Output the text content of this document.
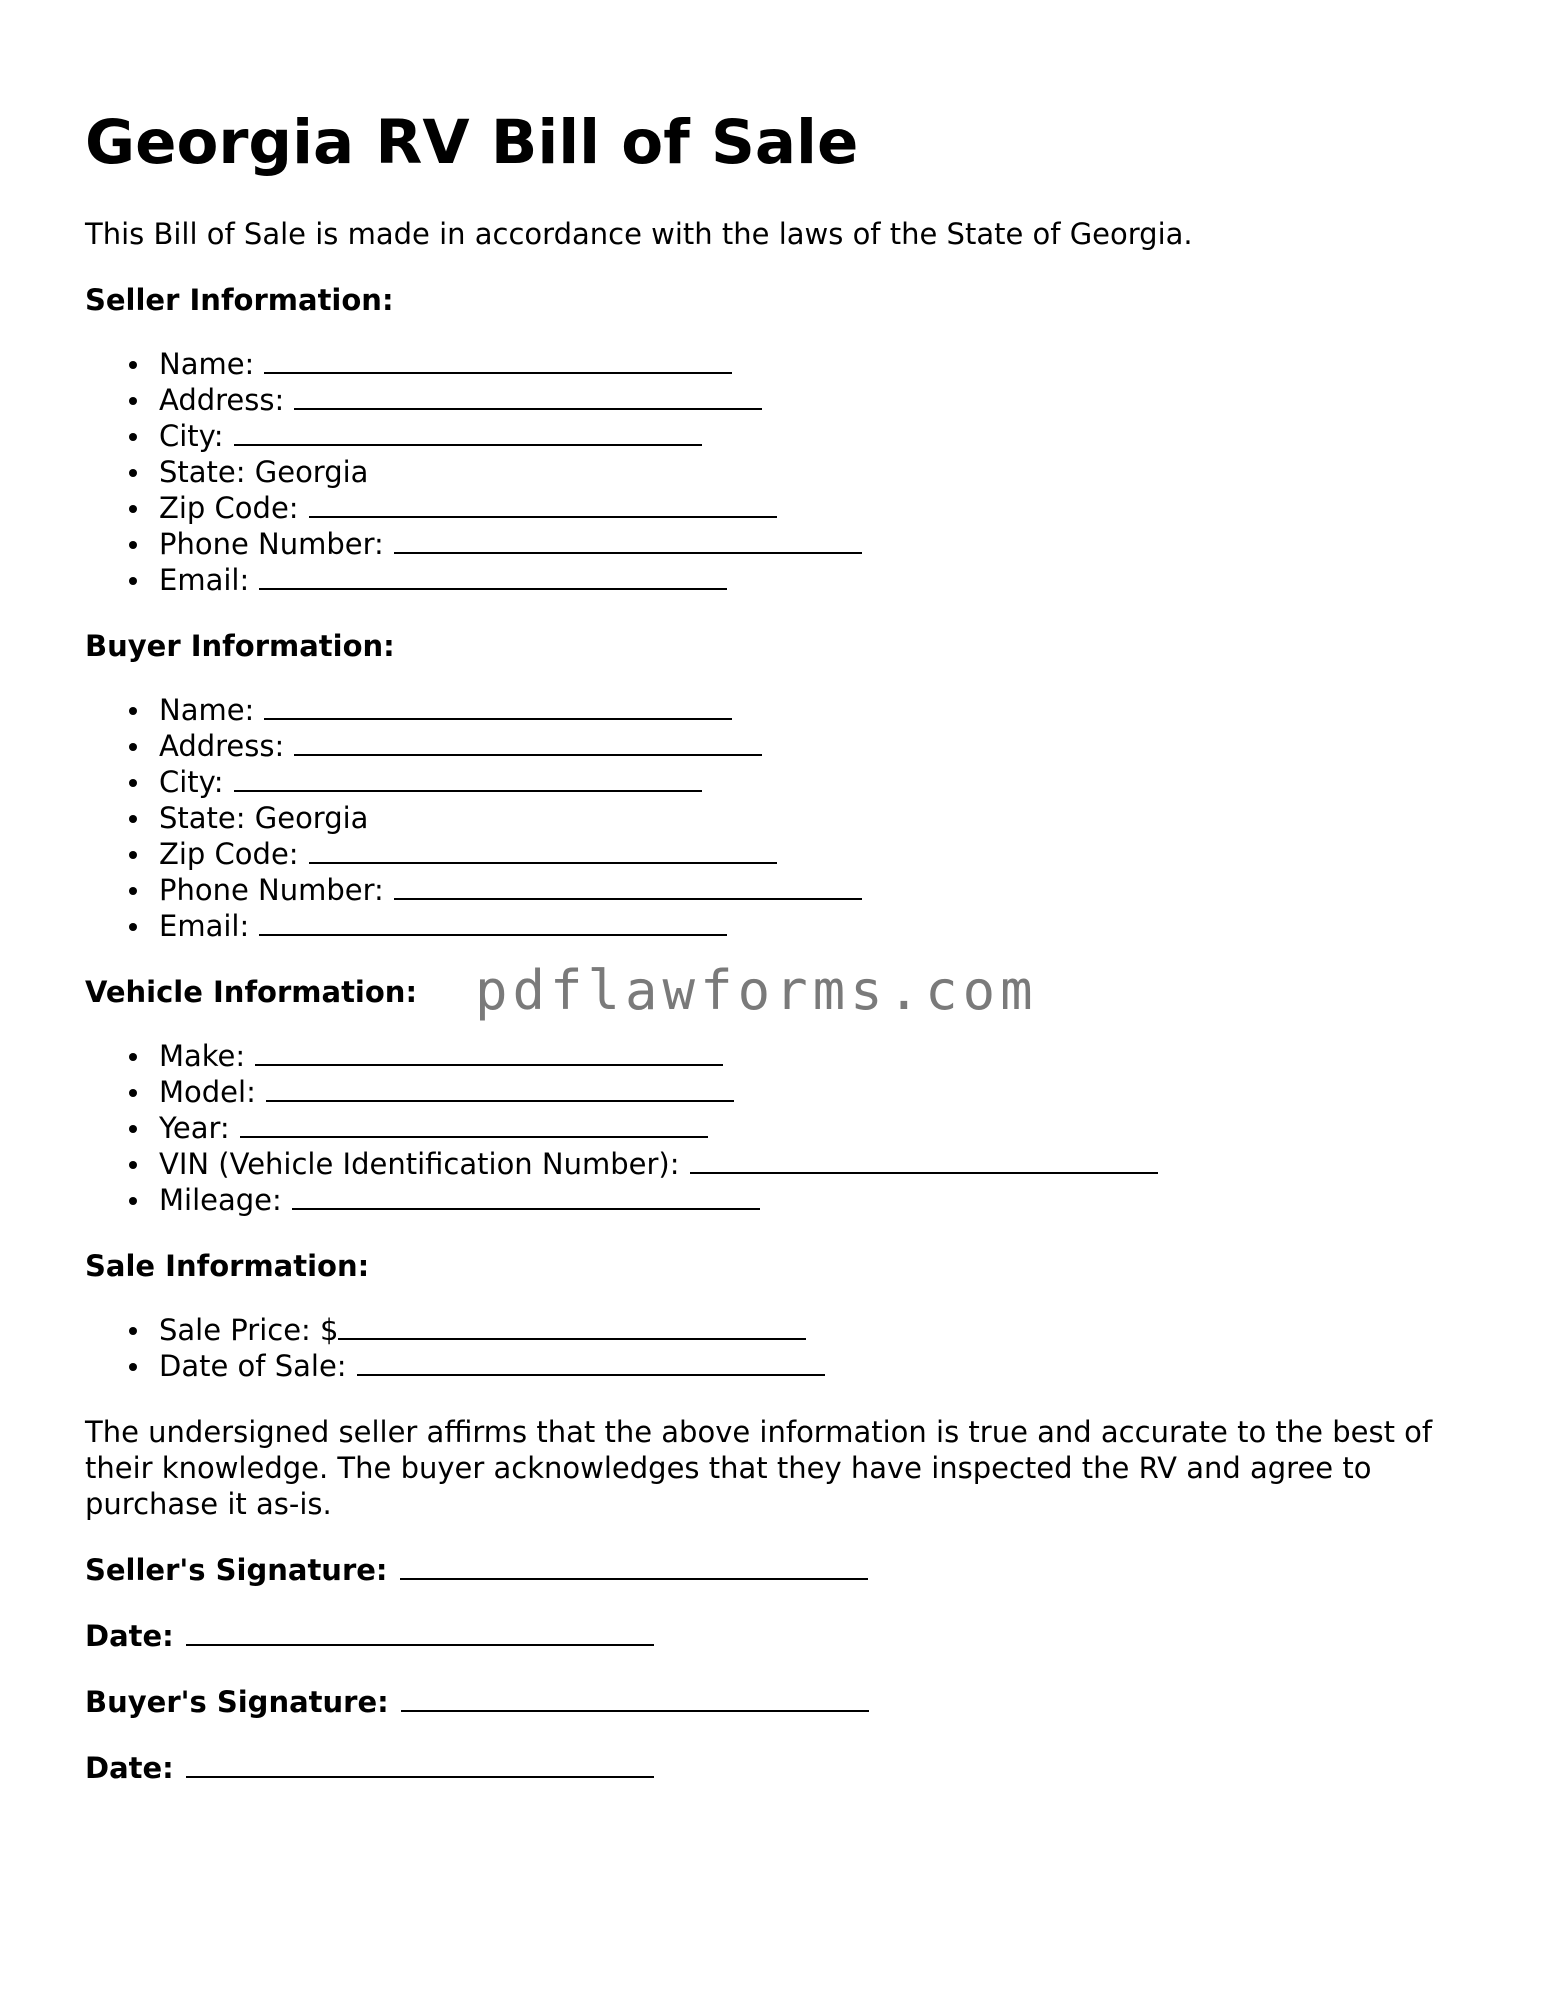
Georgia RV Bill of Sale

This Bill of Sale is made in accordance with the laws of the State of Georgia.

Seller Information:
Name:
Address:
City:
State: Georgia
Zip Code:
Phone Number:
Email:
Buyer Information:
Name:
Address:
City:
State: Georgia
Zip Code:
Phone Number:
Email:
Vehicle Information:
Make:
Model:
Year:
VIN (Vehicle Identification Number):
Mileage:
Sale Information:
Sale Price: $
Date of Sale:

The undersigned seller affirms that the above information is true and accurate to the best of their knowledge. The buyer acknowledges that they have inspected the RV and agree to purchase it as-is.

Seller's Signature:
Date:
Buyer's Signature:
Date:
pdflawforms.com
